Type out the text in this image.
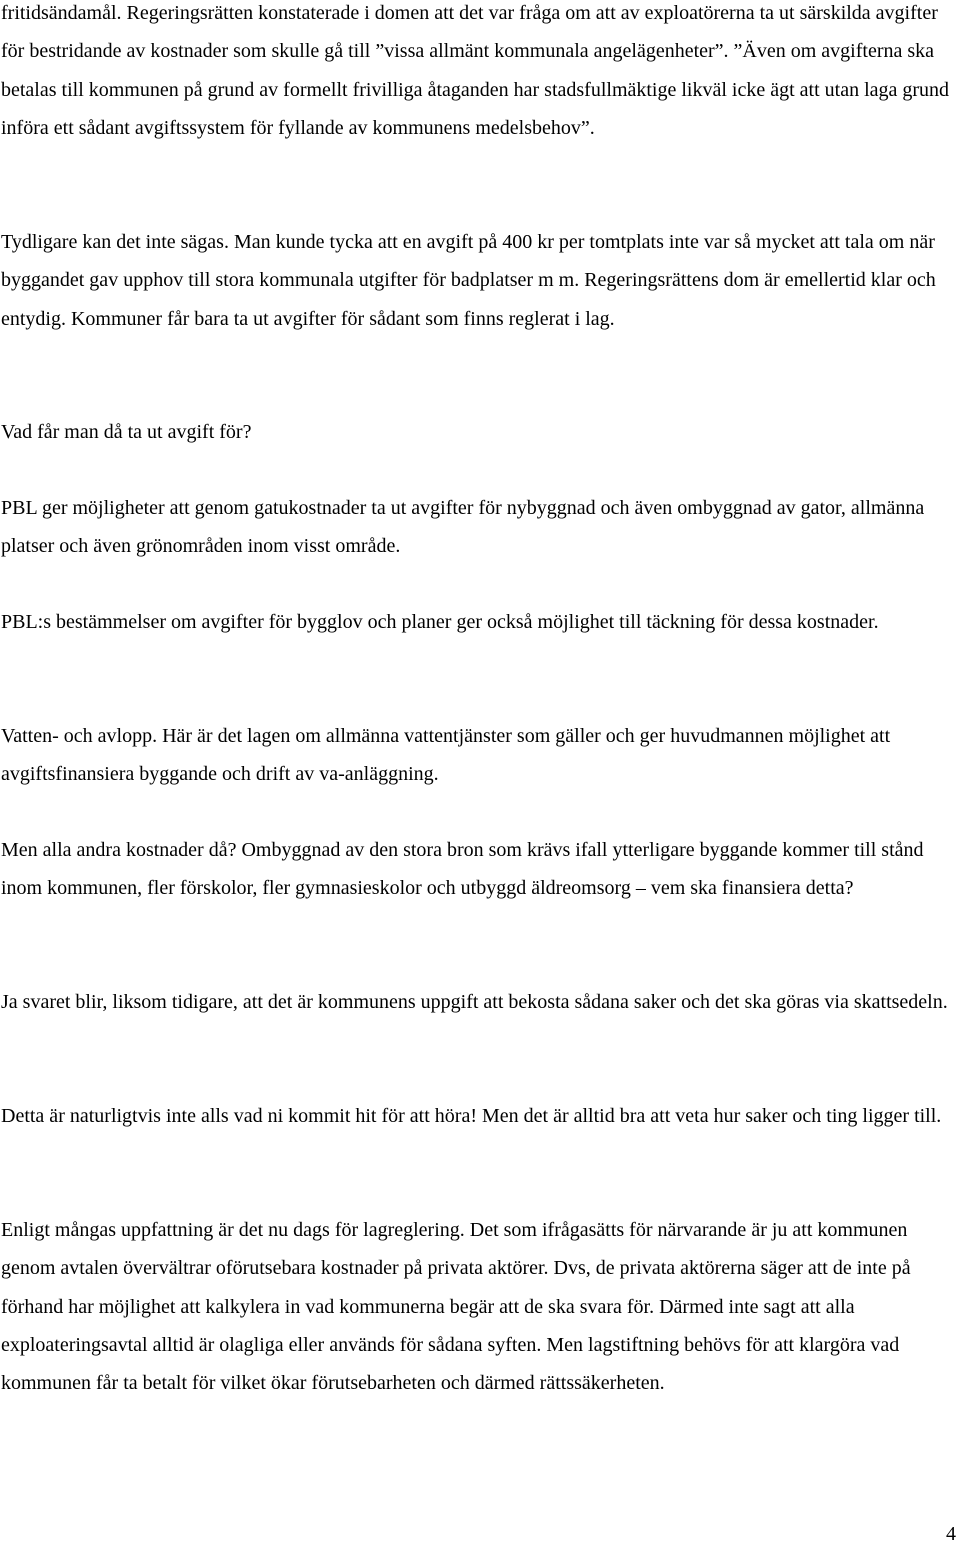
fritidsändamål. Regeringsrätten konstaterade i domen att det var fråga om att av exploatörerna ta ut särskilda avgifter för bestridande av kostnader som skulle gå till ”vissa allmänt kommunala angelägenheter”. ”Även om avgifterna ska betalas till kommunen på grund av formellt frivilliga åtaganden har stadsfullmäktige likväl icke ägt att utan laga grund införa ett sådant avgiftssystem för fyllande av kommunens medelsbehov”.

Tydligare kan det inte sägas. Man kunde tycka att en avgift på 400 kr per tomtplats inte var så mycket att tala om när byggandet gav upphov till stora kommunala utgifter för badplatser m m. Regeringsrättens dom är emellertid klar och entydig. Kommuner får bara ta ut avgifter för sådant som finns reglerat i lag.

Vad får man då ta ut avgift för?

PBL ger möjligheter att genom gatukostnader ta ut avgifter för nybyggnad och även ombyggnad av gator, allmänna platser och även grönområden inom visst område.

PBL:s bestämmelser om avgifter för bygglov och planer ger också möjlighet till täckning för dessa kostnader.

Vatten- och avlopp. Här är det lagen om allmänna vattentjänster som gäller och ger huvudmannen möjlighet att avgiftsfinansiera byggande och drift av va-anläggning.

Men alla andra kostnader då? Ombyggnad av den stora bron som krävs ifall ytterligare byggande kommer till stånd inom kommunen, fler förskolor, fler gymnasieskolor och utbyggd äldreomsorg – vem ska finansiera detta?

Ja svaret blir, liksom tidigare, att det är kommunens uppgift att bekosta sådana saker och det ska göras via skattsedeln.

Detta är naturligtvis inte alls vad ni kommit hit för att höra! Men det är alltid bra att veta hur saker och ting ligger till.

Enligt mångas uppfattning är det nu dags för lagreglering. Det som ifrågasätts för närvarande är ju att kommunen genom avtalen övervältrar oförutsebara kostnader på privata aktörer. Dvs, de privata aktörerna säger att de inte på förhand har möjlighet att kalkylera in vad kommunerna begär att de ska svara för. Därmed inte sagt att alla exploateringsavtal alltid är olagliga eller används för sådana syften. Men lagstiftning behövs för att klargöra vad kommunen får ta betalt för vilket ökar förutsebarheten och därmed rättssäkerheten.

4
